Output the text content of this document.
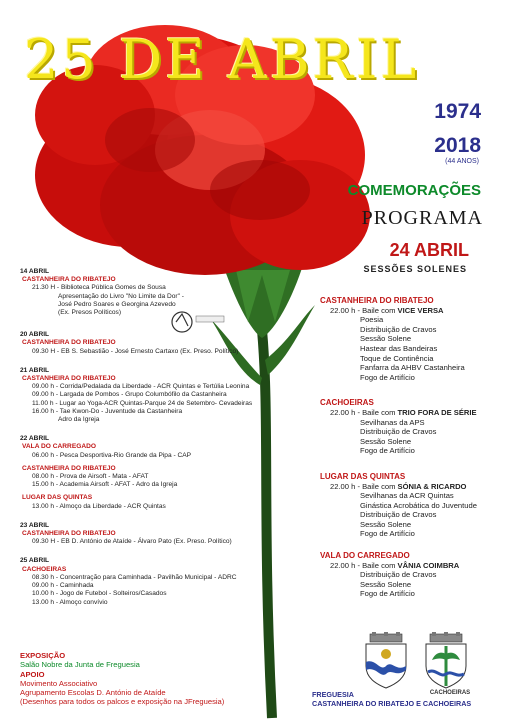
25 DE ABRIL
1974
2018
(44 ANOS)
COMEMORAÇÕES
PROGRAMA
24 ABRIL
SESSÕES SOLENES
14 ABRIL
CASTANHEIRA DO RIBATEJO
21.30 H - Biblioteca Pública Gomes de Sousa
Apresentação do Livro "No Limite da Dor" -
José Pedro Soares e Georgina Azevedo
(Ex. Presos Políticos)
20 ABRIL
CASTANHEIRA DO RIBATEJO
09.30 H - EB S. Sebastião - José Ernesto Cartaxo (Ex. Preso. Político)
21 ABRIL
CASTANHEIRA DO RIBATEJO
09.00 h - Corrida/Pedalada da Liberdade - ACR Quintas e Tertúlia Leonina
09.00 h - Largada de Pombos - Grupo Columbófilo da Castanheira
11.00 h - Lugar ao Yoga-ACR Quintas-Parque 24 de Setembro- Cevadeiras
16.00 h - Tae Kwon-Do - Juventude da Castanheira
Adro da Igreja
22 ABRIL
VALA DO CARREGADO
06.00 h - Pesca Desportiva-Rio Grande da Pipa - CAP
CASTANHEIRA DO RIBATEJO
08.00 h - Prova de Airsoft - Mata - AFAT
15.00 h - Academia Airsoft - AFAT - Adro da Igreja
LUGAR DAS QUINTAS
13.00 h - Almoço da Liberdade - ACR Quintas
23 ABRIL
CASTANHEIRA DO RIBATEJO
09.30 H - EB D. António de Ataíde - Álvaro Pato (Ex. Preso. Político)
25 ABRIL
CACHOEIRAS
08.30 h - Concentração para Caminhada - Pavilhão Municipal - ADRC
09.00 h - Caminhada
10.00 h - Jogo de Futebol - Solteiros/Casados
13.00 h - Almoço convívio
EXPOSIÇÃO
Salão Nobre da Junta de Freguesia
APOIO
Movimento Associativo
Agrupamento Escolas D. António de Ataíde
(Desenhos para todos os palcos e exposição na JFreguesia)
CASTANHEIRA DO RIBATEJO
22.00 h - Baile com VICE VERSA
Poesia
Distribuição de Cravos
Sessão Solene
Hastear das Bandeiras
Toque de Continência
Fanfarra da AHBV Castanheira
Fogo de Artifício
CACHOEIRAS
22.00 h - Baile com TRIO FORA DE SÉRIE
Sevilhanas da APS
Distribuição de Cravos
Sessão Solene
Fogo de Artifício
LUGAR DAS QUINTAS
22.00 h - Baile com SÓNIA & RICARDO
Sevilhanas da ACR Quintas
Ginástica Acrobática do Juventude
Distribuição de Cravos
Sessão Solene
Fogo de Artifício
VALA DO CARREGADO
22.00 h - Baile com VÂNIA COIMBRA
Distribuição de Cravos
Sessão Solene
Fogo de Artifício
CACHOEIRAS
FREGUESIA
CASTANHEIRA DO RIBATEJO E CACHOEIRAS
